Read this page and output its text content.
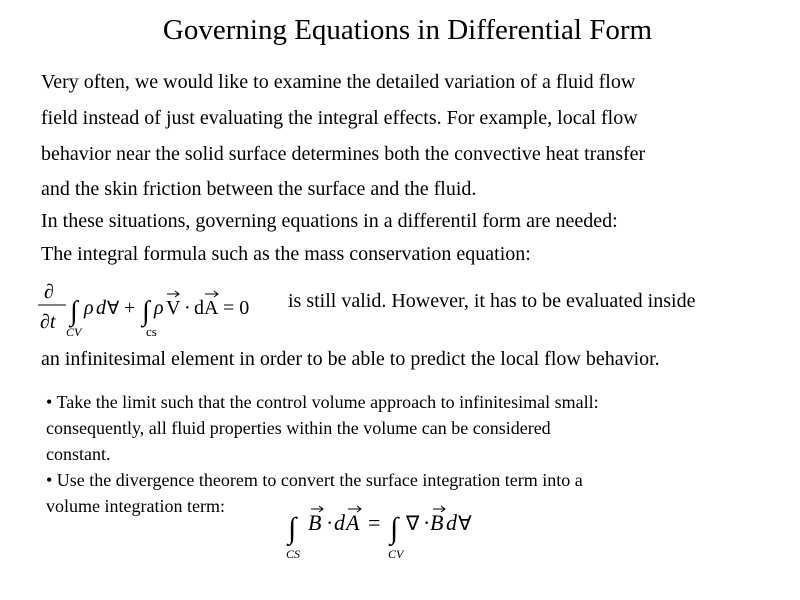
Governing Equations in Differential Form
Very often, we would like to examine the detailed variation of a fluid flow
field instead of just evaluating the integral effects. For example, local flow
behavior near the solid surface determines both the convective heat transfer
and the skin friction between the surface and the fluid.
In these situations, governing equations in a differentil form are needed:
The integral formula such as the mass conservation equation:
∂
∂t ∫
CV
ρ d ∀ + ∫
cs
ρ V · dA = 0 is still valid. However, it has to be evaluated inside
an infinitesimal element in order to be able to predict the local flow behavior.
• Take the limit such that the control volume approach to infinitesimal small:
consequently, all fluid properties within the volume can be considered
constant.
• Use the divergence theorem to convert the surface integration term into a
volume integration term:
∫
CS
B · d A = ∫
CV
∇ · B d ∀
